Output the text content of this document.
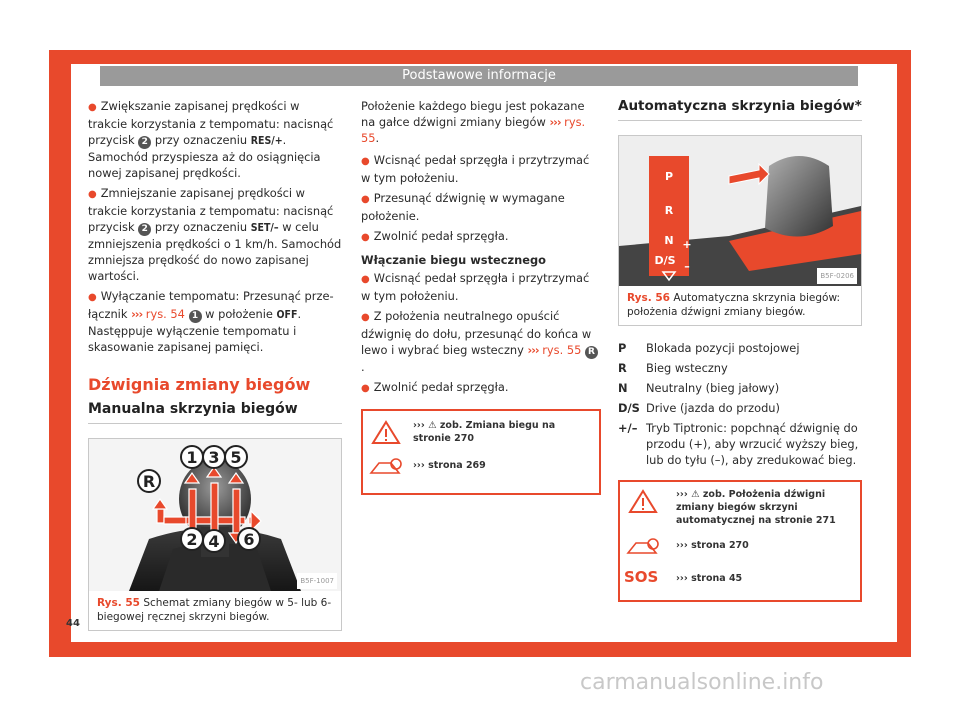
Podstawowe informacje

● Zwiększanie zapisanej prędkości w trakcie korzystania z tempomatu: nacisnąć przycisk 2 przy oznaczeniu RES/+. Samochód przyspiesza aż do osiągnięcia nowej zapisanej prędkości.

● Zmniejszanie zapisanej prędkości w trakcie korzystania z tempomatu: nacisnąć przycisk 2 przy oznaczeniu SET/– w celu zmniejszenia prędkości o 1 km/h. Samochód zmniejsza prędkość do nowo zapisanej wartości.

● Wyłączanie tempomatu: Przesunąć przełącznik ››› rys. 54 1 w położenie OFF. Następpuje wyłączenie tempomatu i skasowanie zapisanej pamięci.

Dźwignia zmiany biegów
Manualna skrzynia biegów
1 3 5
R
2 4 6
B5F-1007
Rys. 55 Schemat zmiany biegów w 5- lub 6-biegowej ręcznej skrzyni biegów.

Położenie każdego biegu jest pokazane na gałce dźwigni zmiany biegów ››› rys. 55.

● Wcisnąć pedał sprzęgła i przytrzymać w tym położeniu.

● Przesunąć dźwignię w wymagane położenie.

● Zwolnić pedał sprzęgła.

Włączanie biegu wstecznego

● Wcisnąć pedał sprzęgła i przytrzymać w tym położeniu.

● Z położenia neutralnego opuścić dźwignię do dołu, przesunąć do końca w lewo i wybrać bieg wsteczny ››› rys. 55 R.

● Zwolnić pedał sprzęgła.

››› ⚠ zob. Zmiana biegu na stronie 270
››› strona 269
Automatyczna skrzynia biegów*
P
R
N
D/S
+
–
B5F-0206
Rys. 56 Automatyczna skrzynia biegów: położenia dźwigni zmiany biegów.
P	Blokada pozycji postojowej
R	Bieg wsteczny
N	Neutralny (bieg jałowy)
D/S Drive (jazda do przodu)
+/– Tryb Tiptronic: popchnąć dźwignię do przodu (+), aby wrzucić wyższy bieg, lub do tyłu (–), aby zredukować bieg.
››› ⚠ zob. Położenia dźwigni zmiany biegów skrzyni automatycznej na stronie 271
››› strona 270
SOS	››› strona 45
44
carmanualsonline.info
